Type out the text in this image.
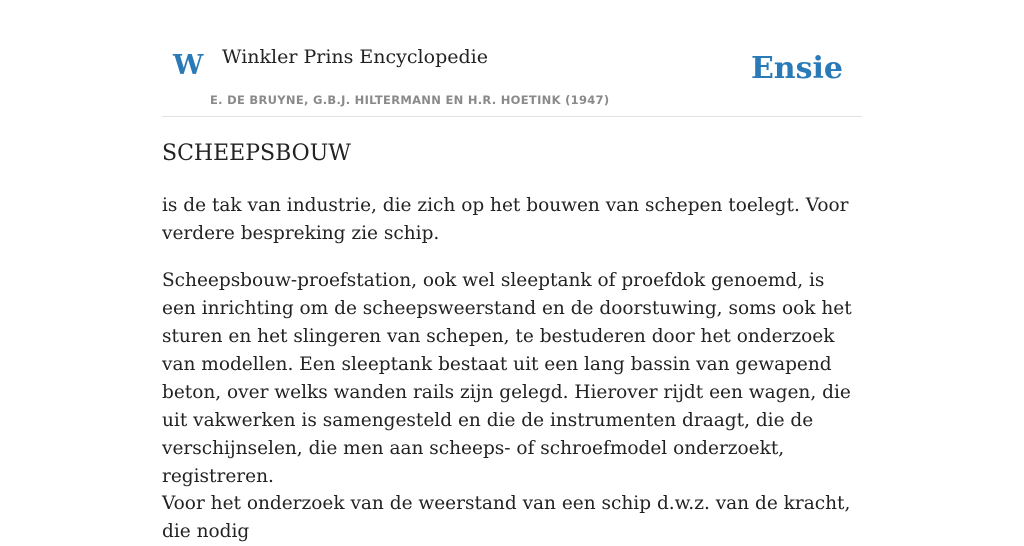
W Winkler Prins Encyclopedie
E. DE BRUYNE, G.B.J. HILTERMANN EN H.R. HOETINK (1947)
Ensie
SCHEEPSBOUW

is de tak van industrie, die zich op het bouwen van schepen toelegt. Voor verdere bespreking zie schip.

Scheepsbouw-proefstation, ook wel sleeptank of proefdok genoemd, is een inrichting om de scheepsweerstand en de doorstuwing, soms ook het sturen en het slingeren van schepen, te bestuderen door het onderzoek van modellen. Een sleeptank bestaat uit een lang bassin van gewapend beton, over welks wanden rails zijn gelegd. Hierover rijdt een wagen, die uit vakwerken is samengesteld en die de instrumenten draagt, die de verschijnselen, die men aan scheeps- of schroefmodel onderzoekt, registreren.

Voor het onderzoek van de weerstand van een schip d.w.z. van de kracht, die nodig
